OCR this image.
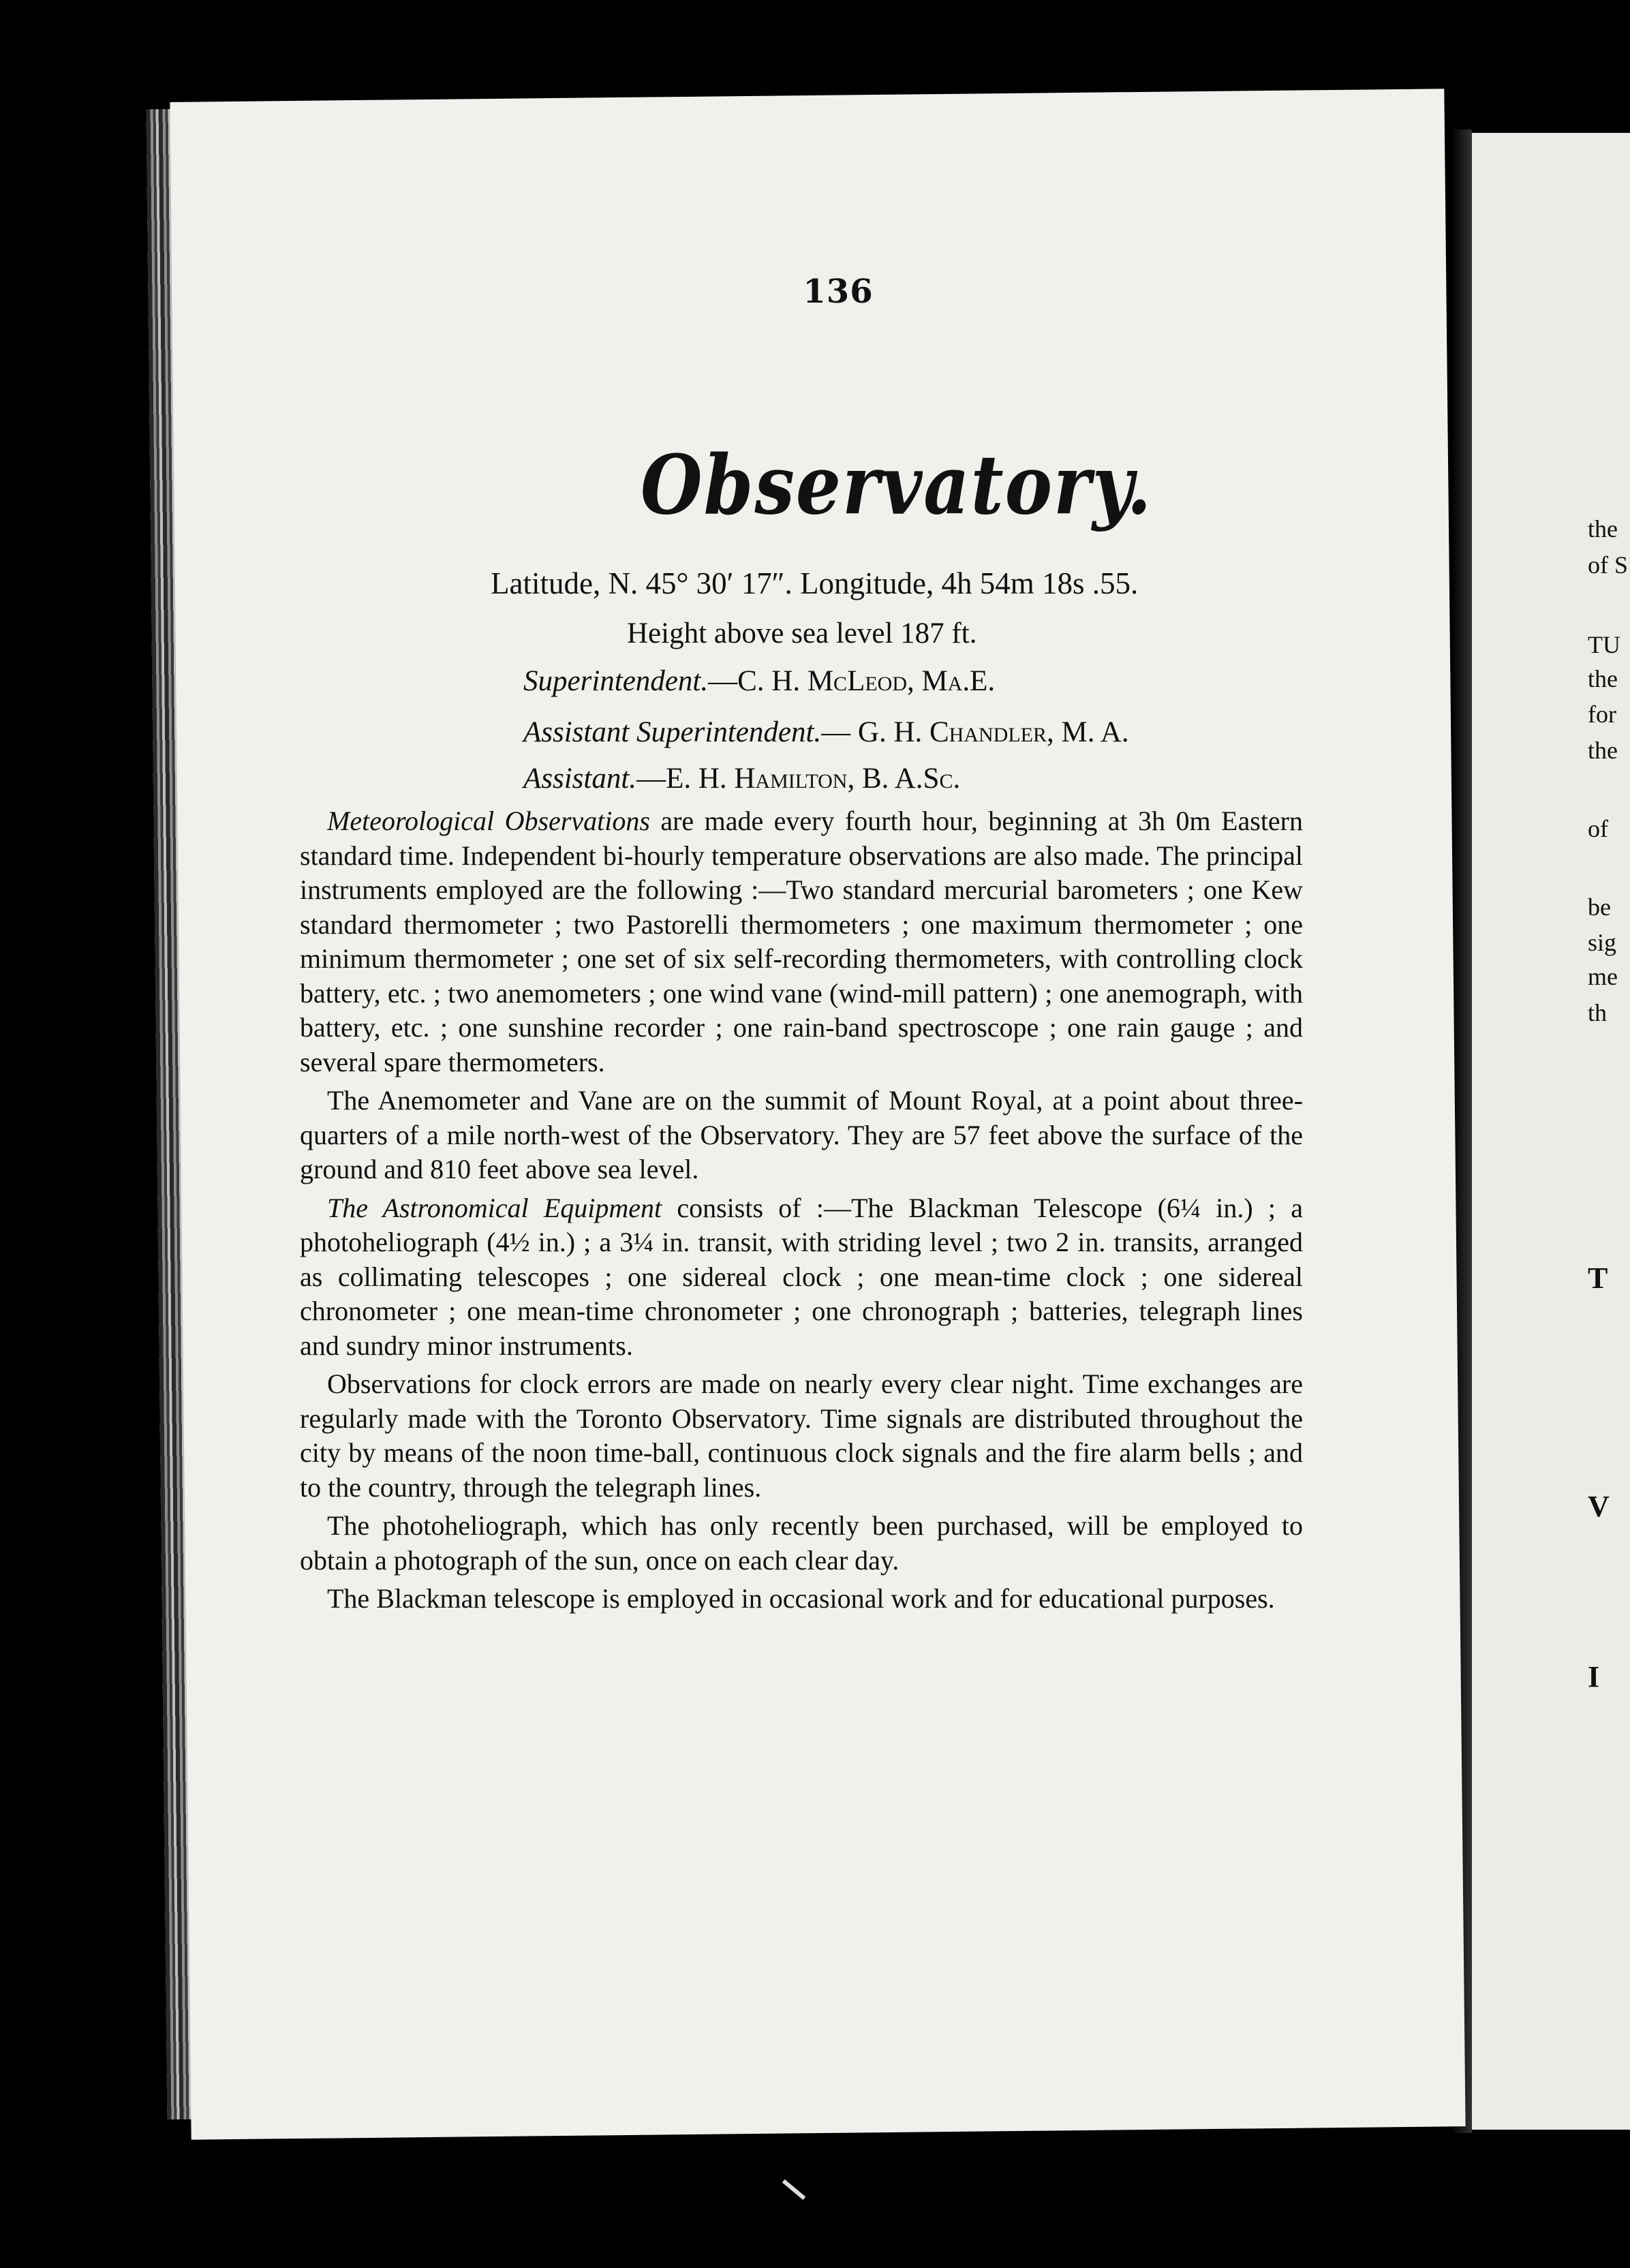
the
of S
TU
the
for
the
of
be
sig
me
th
T
V
I
136
Observatory.
Latitude, N. 45° 30′ 17″. Longitude, 4h 54m 18s .55.
Height above sea level 187 ft.
Superintendent.—C. H. McLeod, Ma.E.
Assistant Superintendent.— G. H. Chandler, M. A.
Assistant.—E. H. Hamilton, B. A.Sc.

Meteorological Observations are made every fourth hour, beginning at 3h 0m Eastern standard time. Independent bi-hourly temperature observations are also made. The principal instruments employed are the following :—Two standard mercurial barometers ; one Kew standard thermometer ; two Pastorelli thermometers ; one maximum thermometer ; one minimum thermometer ; one set of six self-recording thermometers, with controlling clock battery, etc. ; two anemometers ; one wind vane (wind-mill pattern) ; one anemograph, with battery, etc. ; one sunshine recorder ; one rain-band spectroscope ; one rain gauge ; and several spare thermometers.

The Anemometer and Vane are on the summit of Mount Royal, at a point about three-quarters of a mile north-west of the Observatory. They are 57 feet above the surface of the ground and 810 feet above sea level.

The Astronomical Equipment consists of :—The Blackman Telescope (6¼ in.) ; a photoheliograph (4½ in.) ; a 3¼ in. transit, with striding level ; two 2 in. transits, arranged as collimating telescopes ; one sidereal clock ; one mean-time clock ; one sidereal chronometer ; one mean-time chronometer ; one chronograph ; batteries, telegraph lines and sundry minor instruments.

Observations for clock errors are made on nearly every clear night. Time exchanges are regularly made with the Toronto Observatory. Time signals are distributed throughout the city by means of the noon time-ball, continuous clock signals and the fire alarm bells ; and to the country, through the telegraph lines.

The photoheliograph, which has only recently been purchased, will be employed to obtain a photograph of the sun, once on each clear day.

The Blackman telescope is employed in occasional work and for educational purposes.
